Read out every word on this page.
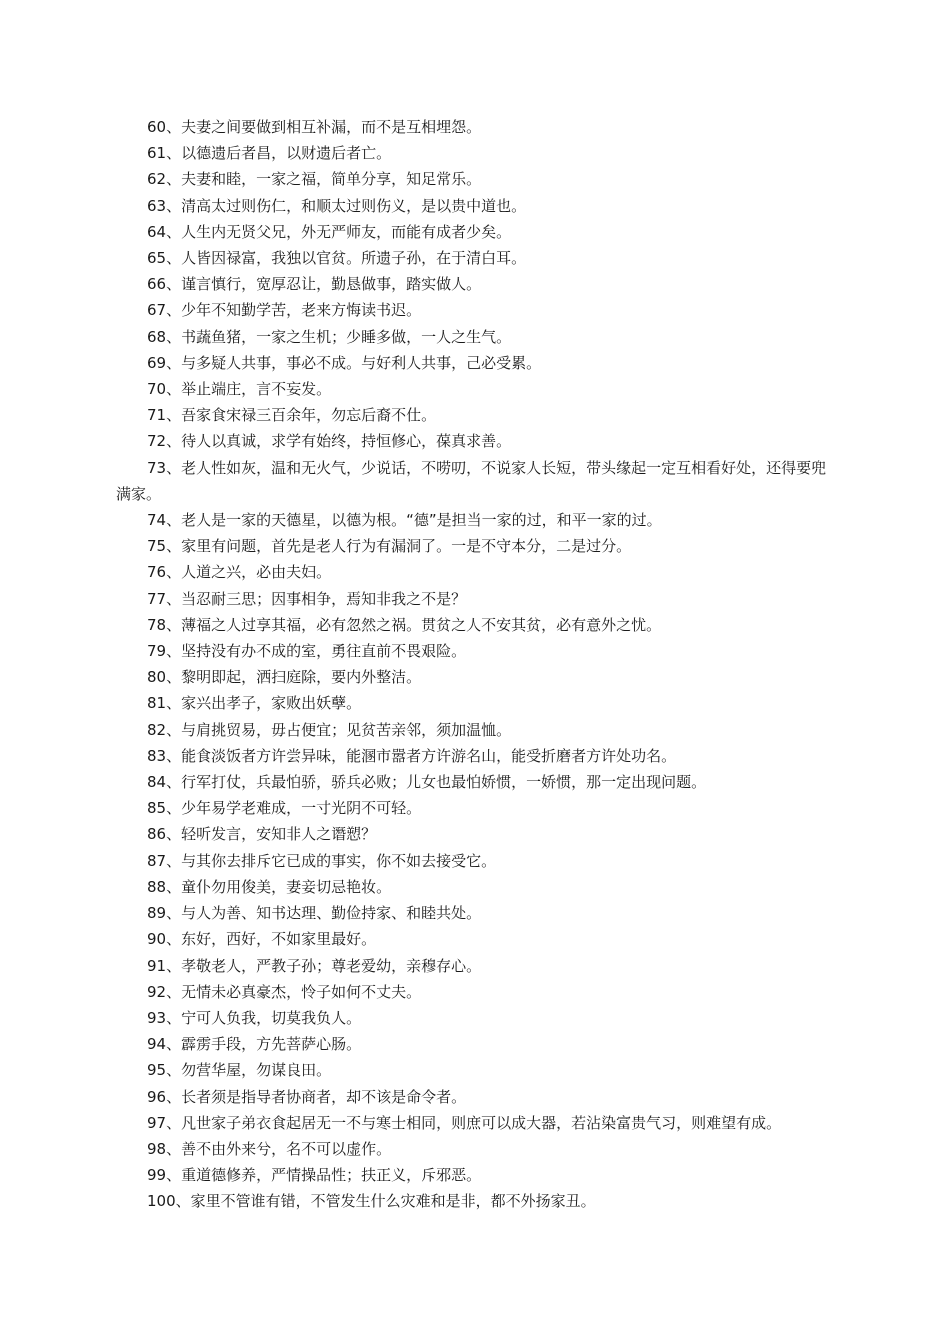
60、夫妻之间要做到相互补漏，而不是互相埋怨。
61、以德遗后者昌，以财遗后者亡。
62、夫妻和睦，一家之福，简单分享，知足常乐。
63、清高太过则伤仁，和顺太过则伤义，是以贵中道也。
64、人生内无贤父兄，外无严师友，而能有成者少矣。
65、人皆因禄富，我独以官贫。所遗子孙，在于清白耳。
66、谨言慎行，宽厚忍让，勤恳做事，踏实做人。
67、少年不知勤学苦，老来方悔读书迟。
68、书蔬鱼猪，一家之生机；少睡多做，一人之生气。
69、与多疑人共事，事必不成。与好利人共事，己必受累。
70、举止端庄，言不妄发。
71、吾家食宋禄三百余年，勿忘后裔不仕。
72、待人以真诚，求学有始终，持恒修心，葆真求善。
73、老人性如灰，温和无火气，少说话，不唠叨，不说家人长短，带头缘起一定互相看好处，还得要兜满家。
74、老人是一家的天德星，以德为根。“德”是担当一家的过，和平一家的过。
75、家里有问题，首先是老人行为有漏洞了。一是不守本分，二是过分。
76、人道之兴，必由夫妇。
77、当忍耐三思；因事相争，焉知非我之不是？
78、薄福之人过享其福，必有忽然之祸。贯贫之人不安其贫，必有意外之忧。
79、坚持没有办不成的室，勇往直前不畏艰险。
80、黎明即起，洒扫庭除，要内外整洁。
81、家兴出孝子，家败出妖孽。
82、与肩挑贸易，毋占便宜；见贫苦亲邻，须加温恤。
83、能食淡饭者方许尝异味，能溷市嚣者方许游名山，能受折磨者方许处功名。
84、行军打仗，兵最怕骄，骄兵必败；儿女也最怕娇惯，一娇惯，那一定出现问题。
85、少年易学老难成，一寸光阴不可轻。
86、轻听发言，安知非人之谮愬？
87、与其你去排斥它已成的事实，你不如去接受它。
88、童仆勿用俊美，妻妾切忌艳妆。
89、与人为善、知书达理、勤俭持家、和睦共处。
90、东好，西好，不如家里最好。
91、孝敬老人，严教子孙；尊老爱幼，亲穆存心。
92、无情未必真豪杰，怜子如何不丈夫。
93、宁可人负我，切莫我负人。
94、霹雳手段，方先菩萨心肠。
95、勿营华屋，勿谋良田。
96、长者须是指导者协商者，却不该是命令者。
97、凡世家子弟衣食起居无一不与寒士相同，则庶可以成大器，若沾染富贵气习，则难望有成。
98、善不由外来兮，名不可以虚作。
99、重道德修养，严情操品性；扶正义，斥邪恶。
100、家里不管谁有错，不管发生什么灾难和是非，都不外扬家丑。
